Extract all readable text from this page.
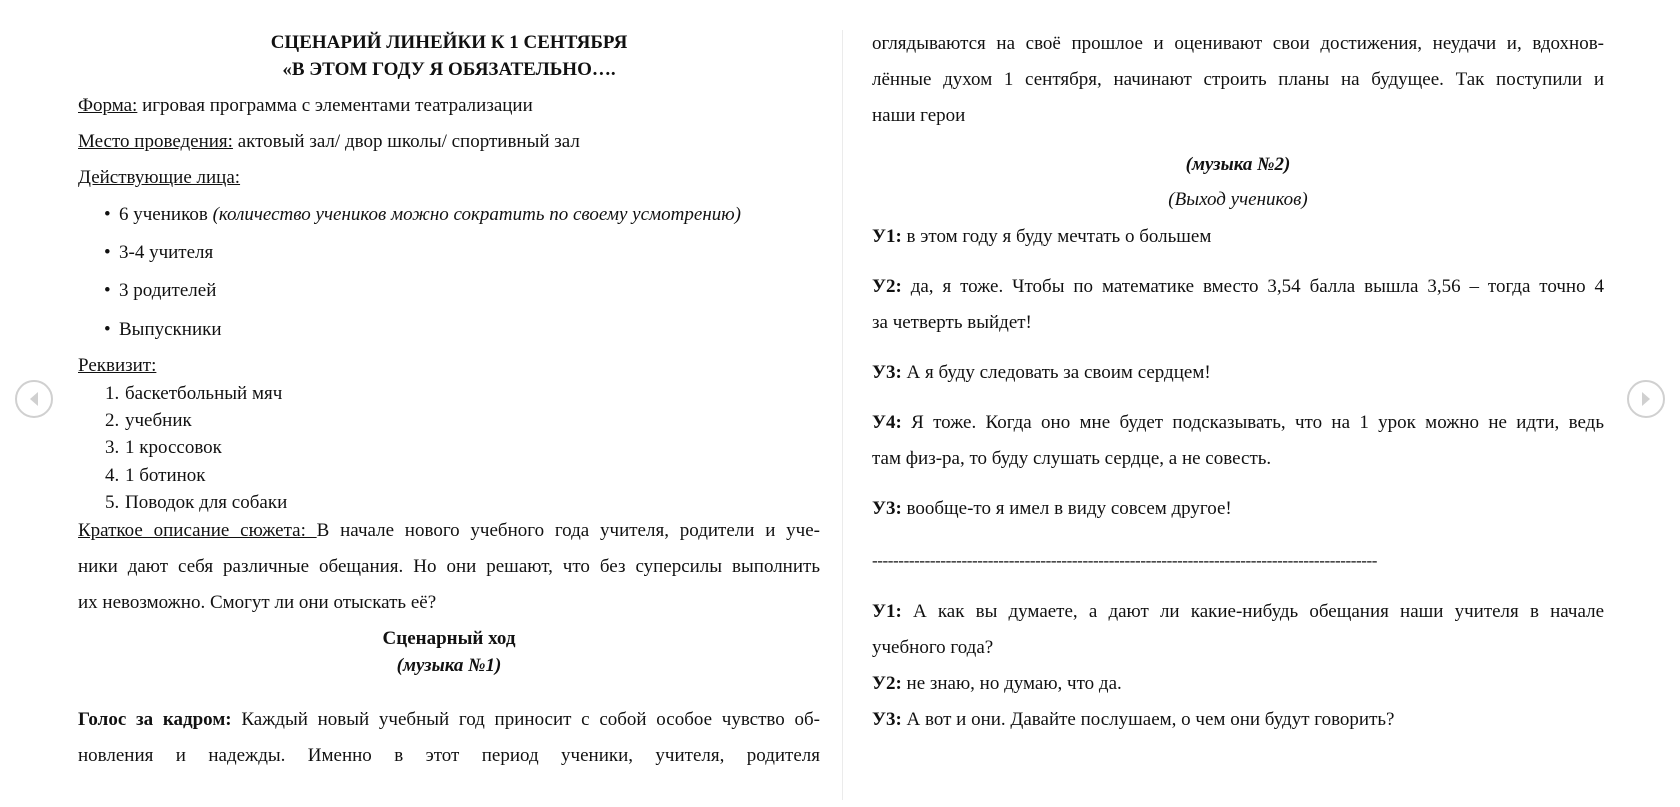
СЦЕНАРИЙ ЛИНЕЙКИ К 1 СЕНТЯБРЯ
«В ЭТОМ ГОДУ Я ОБЯЗАТЕЛЬНО….
Форма: игровая программа с элементами театрализации
Место проведения: актовый зал/ двор школы/ спортивный зал
Действующие лица:
• 6 учеников (количество учеников можно сократить по своему усмотрению)
• 3-4 учителя
• 3 родителей
• Выпускники
Реквизит:
1. баскетбольный мяч
2. учебник
3. 1 кроссовок
4. 1 ботинок
5. Поводок для собаки
Краткое описание сюжета: В начале нового учебного года учителя, родители и уче-
ники дают себя различные обещания. Но они решают, что без суперсилы выполнить
их невозможно. Смогут ли они отыскать её?
Сценарный ход
(музыка №1)
Голос за кадром: Каждый новый учебный год приносит с собой особое чувство об-
новления и надежды. Именно в этот период ученики, учителя, родителя
оглядываются на своё прошлое и оценивают свои достижения, неудачи и, вдохнов-
лённые духом 1 сентября, начинают строить планы на будущее. Так поступили и
наши герои
(музыка №2)
(Выход учеников)
У1: в этом году я буду мечтать о большем
У2: да, я тоже. Чтобы по математике вместо 3,54 балла вышла 3,56 – тогда точно 4
за четверть выйдет!
У3: А я буду следовать за своим сердцем!
У4: Я тоже. Когда оно мне будет подсказывать, что на 1 урок можно не идти, ведь
там физ-ра, то буду слушать сердце, а не совесть.
У3: вообще-то я имел в виду совсем другое!
------------------------------------------------------------------------------------------------
У1: А как вы думаете, а дают ли какие-нибудь обещания наши учителя в начале
учебного года?
У2: не знаю, но думаю, что да.
У3: А вот и они. Давайте послушаем, о чем они будут говорить?
